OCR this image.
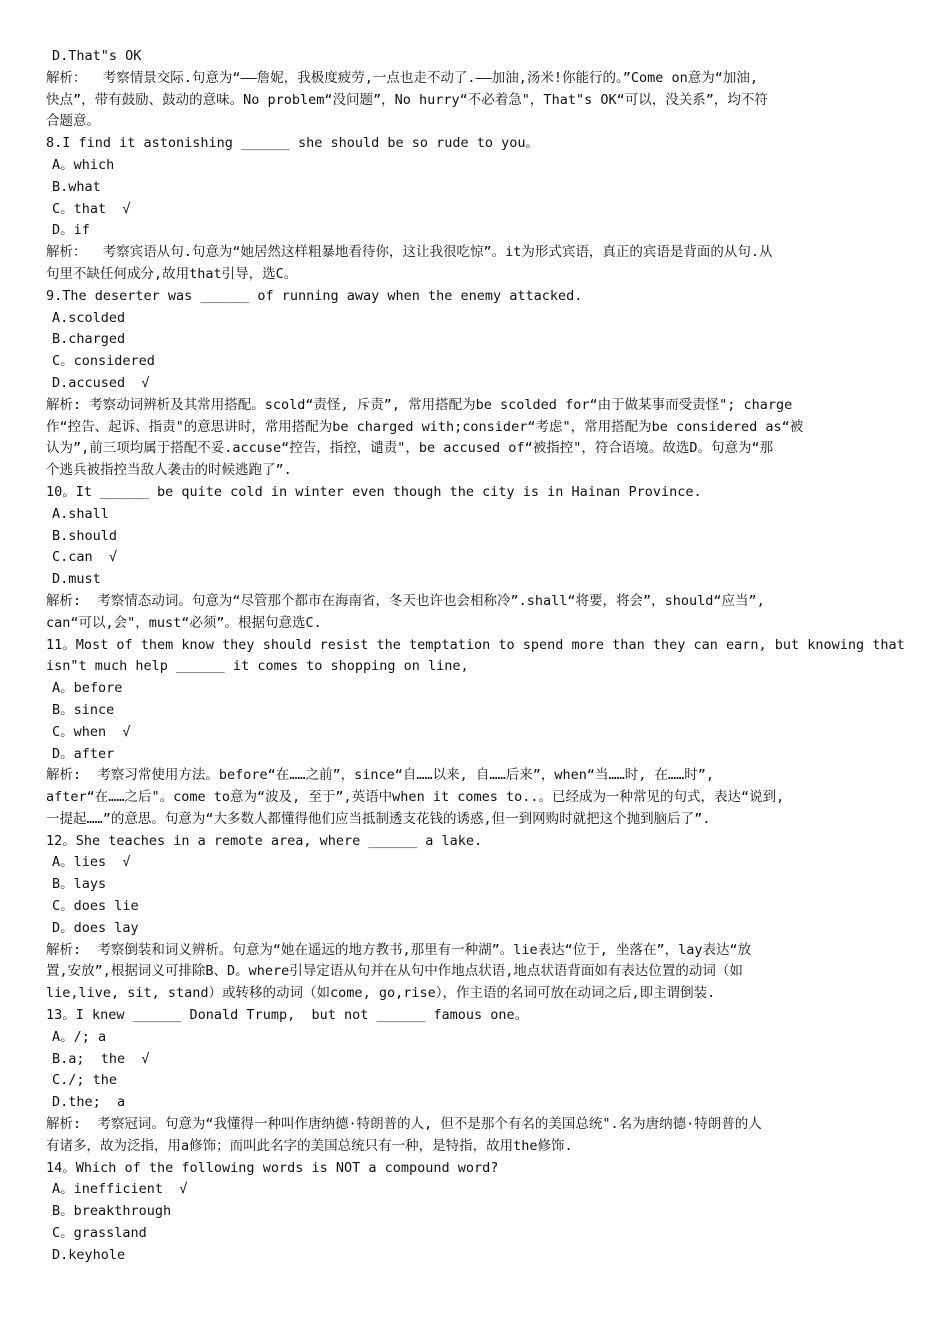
D.That"s OK
解析：  考察情景交际.句意为“——詹妮，我极度疲劳,一点也走不动了.——加油,汤米!你能行的。”Come on意为“加油,
快点”，带有鼓励、鼓动的意味。No problem“没问题”，No hurry“不必着急"，That"s OK“可以，没关系”，均不符
合题意。
8.I find it astonishing ______ she should be so rude to you。
A。which
B.what
C。that  √
D。if
解析：  考察宾语从句.句意为“她居然这样粗暴地看待你，这让我很吃惊”。it为形式宾语，真正的宾语是背面的从句.从
句里不缺任何成分,故用that引导，选C。
9.The deserter was ______ of running away when the enemy attacked.
A.scolded
B.charged
C。considered
D.accused  √
解析: 考察动词辨析及其常用搭配。scold“责怪, 斥责”, 常用搭配为be scolded for“由于做某事而受责怪"; charge
作“控告、起诉、指责"的意思讲时，常用搭配为be charged with;consider“考虑"，常用搭配为be considered as“被
认为”,前三项均属于搭配不妥.accuse“控告，指控，谴责"，be accused of“被指控"，符合语境。故选D。句意为“那
个逃兵被指控当敌人袭击的时候逃跑了”.
10。It ______ be quite cold in winter even though the city is in Hainan Province.
A.shall
B.should
C.can  √
D.must
解析:  考察情态动词。句意为“尽管那个都市在海南省，冬天也许也会相称冷”.shall“将要，将会”，should“应当”,
can“可以,会"，must“必须”。根据句意选C.
11。Most of them know they should resist the temptation to spend more than they can earn, but knowing that
isn"t much help ______ it comes to shopping on line,
A。before
B。since
C。when  √
D。after
解析:  考察习常使用方法。before“在……之前”，since“自……以来, 自……后来”，when“当……时, 在……时”,
after“在……之后"。come to意为“波及, 至于”,英语中when it comes to..。已经成为一种常见的句式，表达“说到,
一提起……”的意思。句意为“大多数人都懂得他们应当抵制透支花钱的诱惑,但一到网购时就把这个抛到脑后了”.
12。She teaches in a remote area, where ______ a lake.
A。lies  √
B。lays
C。does lie
D。does lay
解析:  考察倒装和词义辨析。句意为“她在遥远的地方教书,那里有一种湖”。lie表达“位于, 坐落在”，lay表达“放
置,安放”,根据词义可排除B、D。where引导定语从句并在从句中作地点状语,地点状语背面如有表达位置的动词（如
lie,live, sit, stand）或转移的动词（如come, go,rise），作主语的名词可放在动词之后,即主谓倒装.
13。I knew ______ Donald Trump,  but not ______ famous one。
A。/; a
B.a;  the  √
C./; the
D.the;  a
解析:  考察冠词。句意为“我懂得一种叫作唐纳德·特朗普的人, 但不是那个有名的美国总统".名为唐纳德·特朗普的人
有诸多，故为泛指，用a修饰；而叫此名字的美国总统只有一种，是特指，故用the修饰.
14。Which of the following words is NOT a compound word?
A。inefficient  √
B。breakthrough
C。grassland
D.keyhole
